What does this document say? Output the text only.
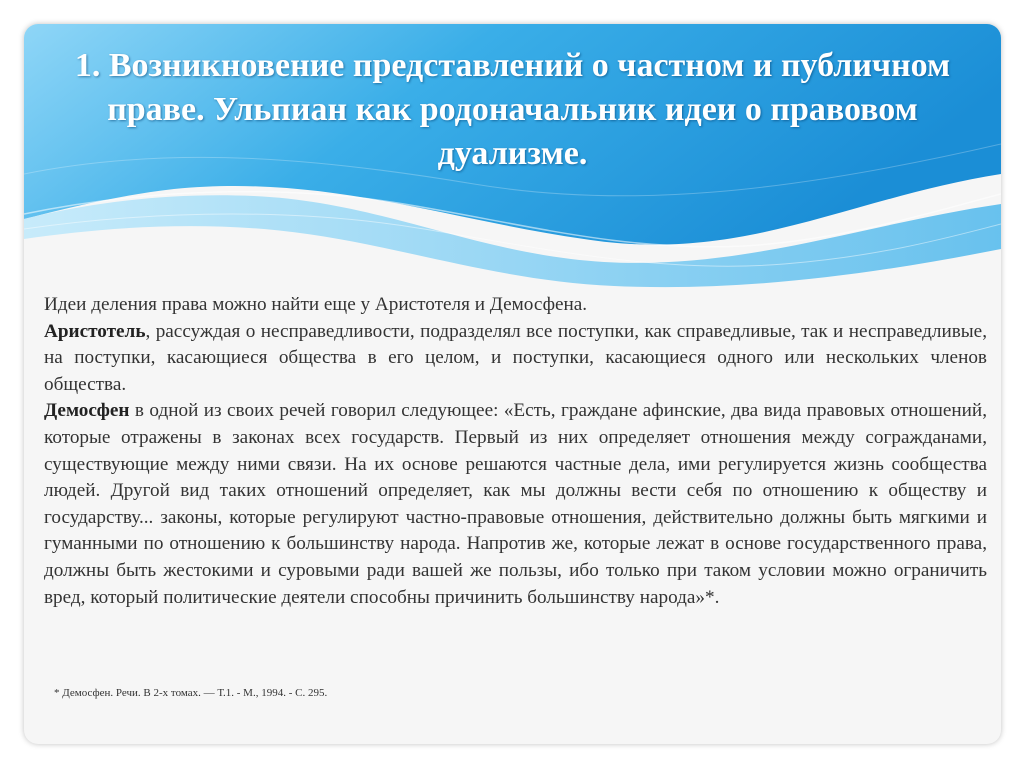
1. Возникновение представлений о частном и публичном праве. Ульпиан как родоначальник идеи о правовом дуализме.

Идеи деления права можно найти еще у Аристотеля и Демосфена.

Аристотель, рассуждая о несправедливости, подразделял все поступки, как справедливые, так и несправедливые, на поступки, касающиеся общества в его целом, и поступки, касающиеся одного или нескольких членов общества.

Демосфен в одной из своих речей говорил следующее: «Есть, граждане афинские, два вида правовых отношений, которые отражены в законах всех государств. Первый из них определяет отношения между согражданами, существующие между ними связи. На их основе решаются частные дела, ими регулируется жизнь сообщества людей. Другой вид таких отношений определяет, как мы должны вести себя по отношению к обществу и государству... законы, которые регулируют частно-правовые отношения, действительно должны быть мягкими и гуманными по отношению к большинству народа. Напротив же, которые лежат в основе государственного права, должны быть жестокими и суровыми ради вашей же пользы, ибо только при таком условии можно ограничить вред, который политические деятели способны причинить большинству народа»*.

* Демосфен. Речи. В 2-х томах. — Т.1. - М., 1994. - С. 295.
